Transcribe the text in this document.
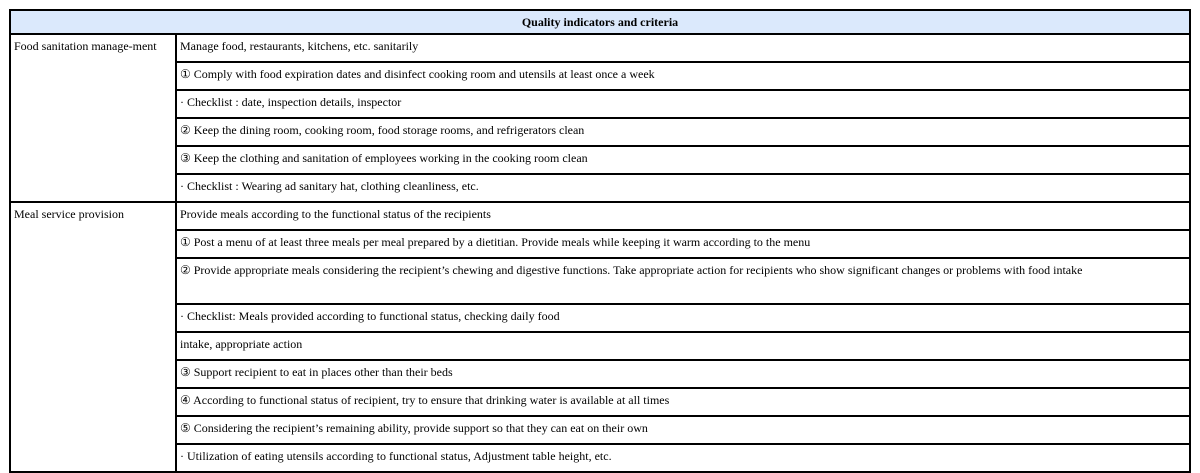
Quality indicators and criteria	
Food sanitation manage-ment	Manage food, restaurants, kitchens, etc. sanitarily
	① Comply with food expiration dates and disinfect cooking room and utensils at least once a week
	· Checklist : date, inspection details, inspector
	② Keep the dining room, cooking room, food storage rooms, and refrigerators clean
	③ Keep the clothing and sanitation of employees working in the cooking room clean
	· Checklist : Wearing ad sanitary hat, clothing cleanliness, etc.
Meal service provision	Provide meals according to the functional status of the recipients
	① Post a menu of at least three meals per meal prepared by a dietitian. Provide meals while keeping it warm according to the menu
	② Provide appropriate meals considering the recipient’s chewing and digestive functions. Take appropriate action for recipients who show significant changes or problems with food intake
	· Checklist: Meals provided according to functional status, checking daily food
	intake, appropriate action
	③ Support recipient to eat in places other than their beds
	④ According to functional status of recipient, try to ensure that drinking water is available at all times
	⑤ Considering the recipient’s remaining ability, provide support so that they can eat on their own
	· Utilization of eating utensils according to functional status, Adjustment table height, etc.
